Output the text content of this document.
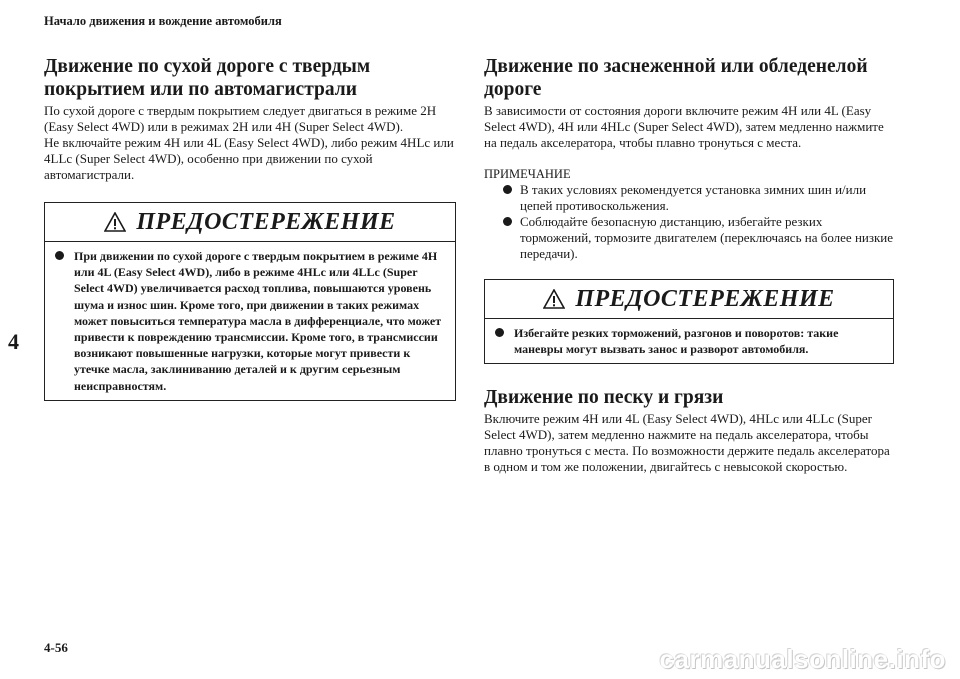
Начало движения и вождение автомобиля
4
Движение по сухой дороге с твердым покрытием или по автомагистрали

По сухой дороге с твердым покрытием следует двигаться в режиме 2H (Easy Select 4WD) или в режимах 2H или 4H (Super Select 4WD).

Не включайте режим 4H или 4L (Easy Select 4WD), либо режим 4HLc или 4LLc (Super Select 4WD), особенно при движении по сухой автомагистрали.

ПРЕДОСТЕРЕЖЕНИЕ
При движении по сухой дороге с твердым покрытием в режиме 4H или 4L (Easy Select 4WD), либо в режиме 4HLc или 4LLc (Super Select 4WD) увеличивается расход топлива, повышаются уровень шума и износ шин. Кроме того, при движении в таких режимах может повыситься температура масла в дифференциале, что может привести к повреждению трансмиссии. Кроме того, в трансмиссии возникают повышенные нагрузки, которые могут привести к утечке масла, заклиниванию деталей и к другим серьезным неисправностям.
Движение по заснеженной или обледенелой дороге

В зависимости от состояния дороги включите режим 4H или 4L (Easy Select 4WD), 4H или 4HLc (Super Select 4WD), затем медленно нажмите на педаль акселератора, чтобы плавно тронуться с места.

ПРИМЕЧАНИЕ
В таких условиях рекомендуется установка зимних шин и/или цепей противоскольжения.
Соблюдайте безопасную дистанцию, избегайте резких торможений, тормозите двигателем (переключаясь на более низкие передачи).
ПРЕДОСТЕРЕЖЕНИЕ
Избегайте резких торможений, разгонов и поворотов: такие маневры могут вызвать занос и разворот автомобиля.
Движение по песку и грязи

Включите режим 4H или 4L (Easy Select 4WD), 4HLc или 4LLc (Super Select 4WD), затем медленно нажмите на педаль акселератора, чтобы плавно тронуться с места. По возможности держите педаль акселератора в одном и том же положении, двигайтесь с невысокой скоростью.

4-56	carmanualsonline.info
